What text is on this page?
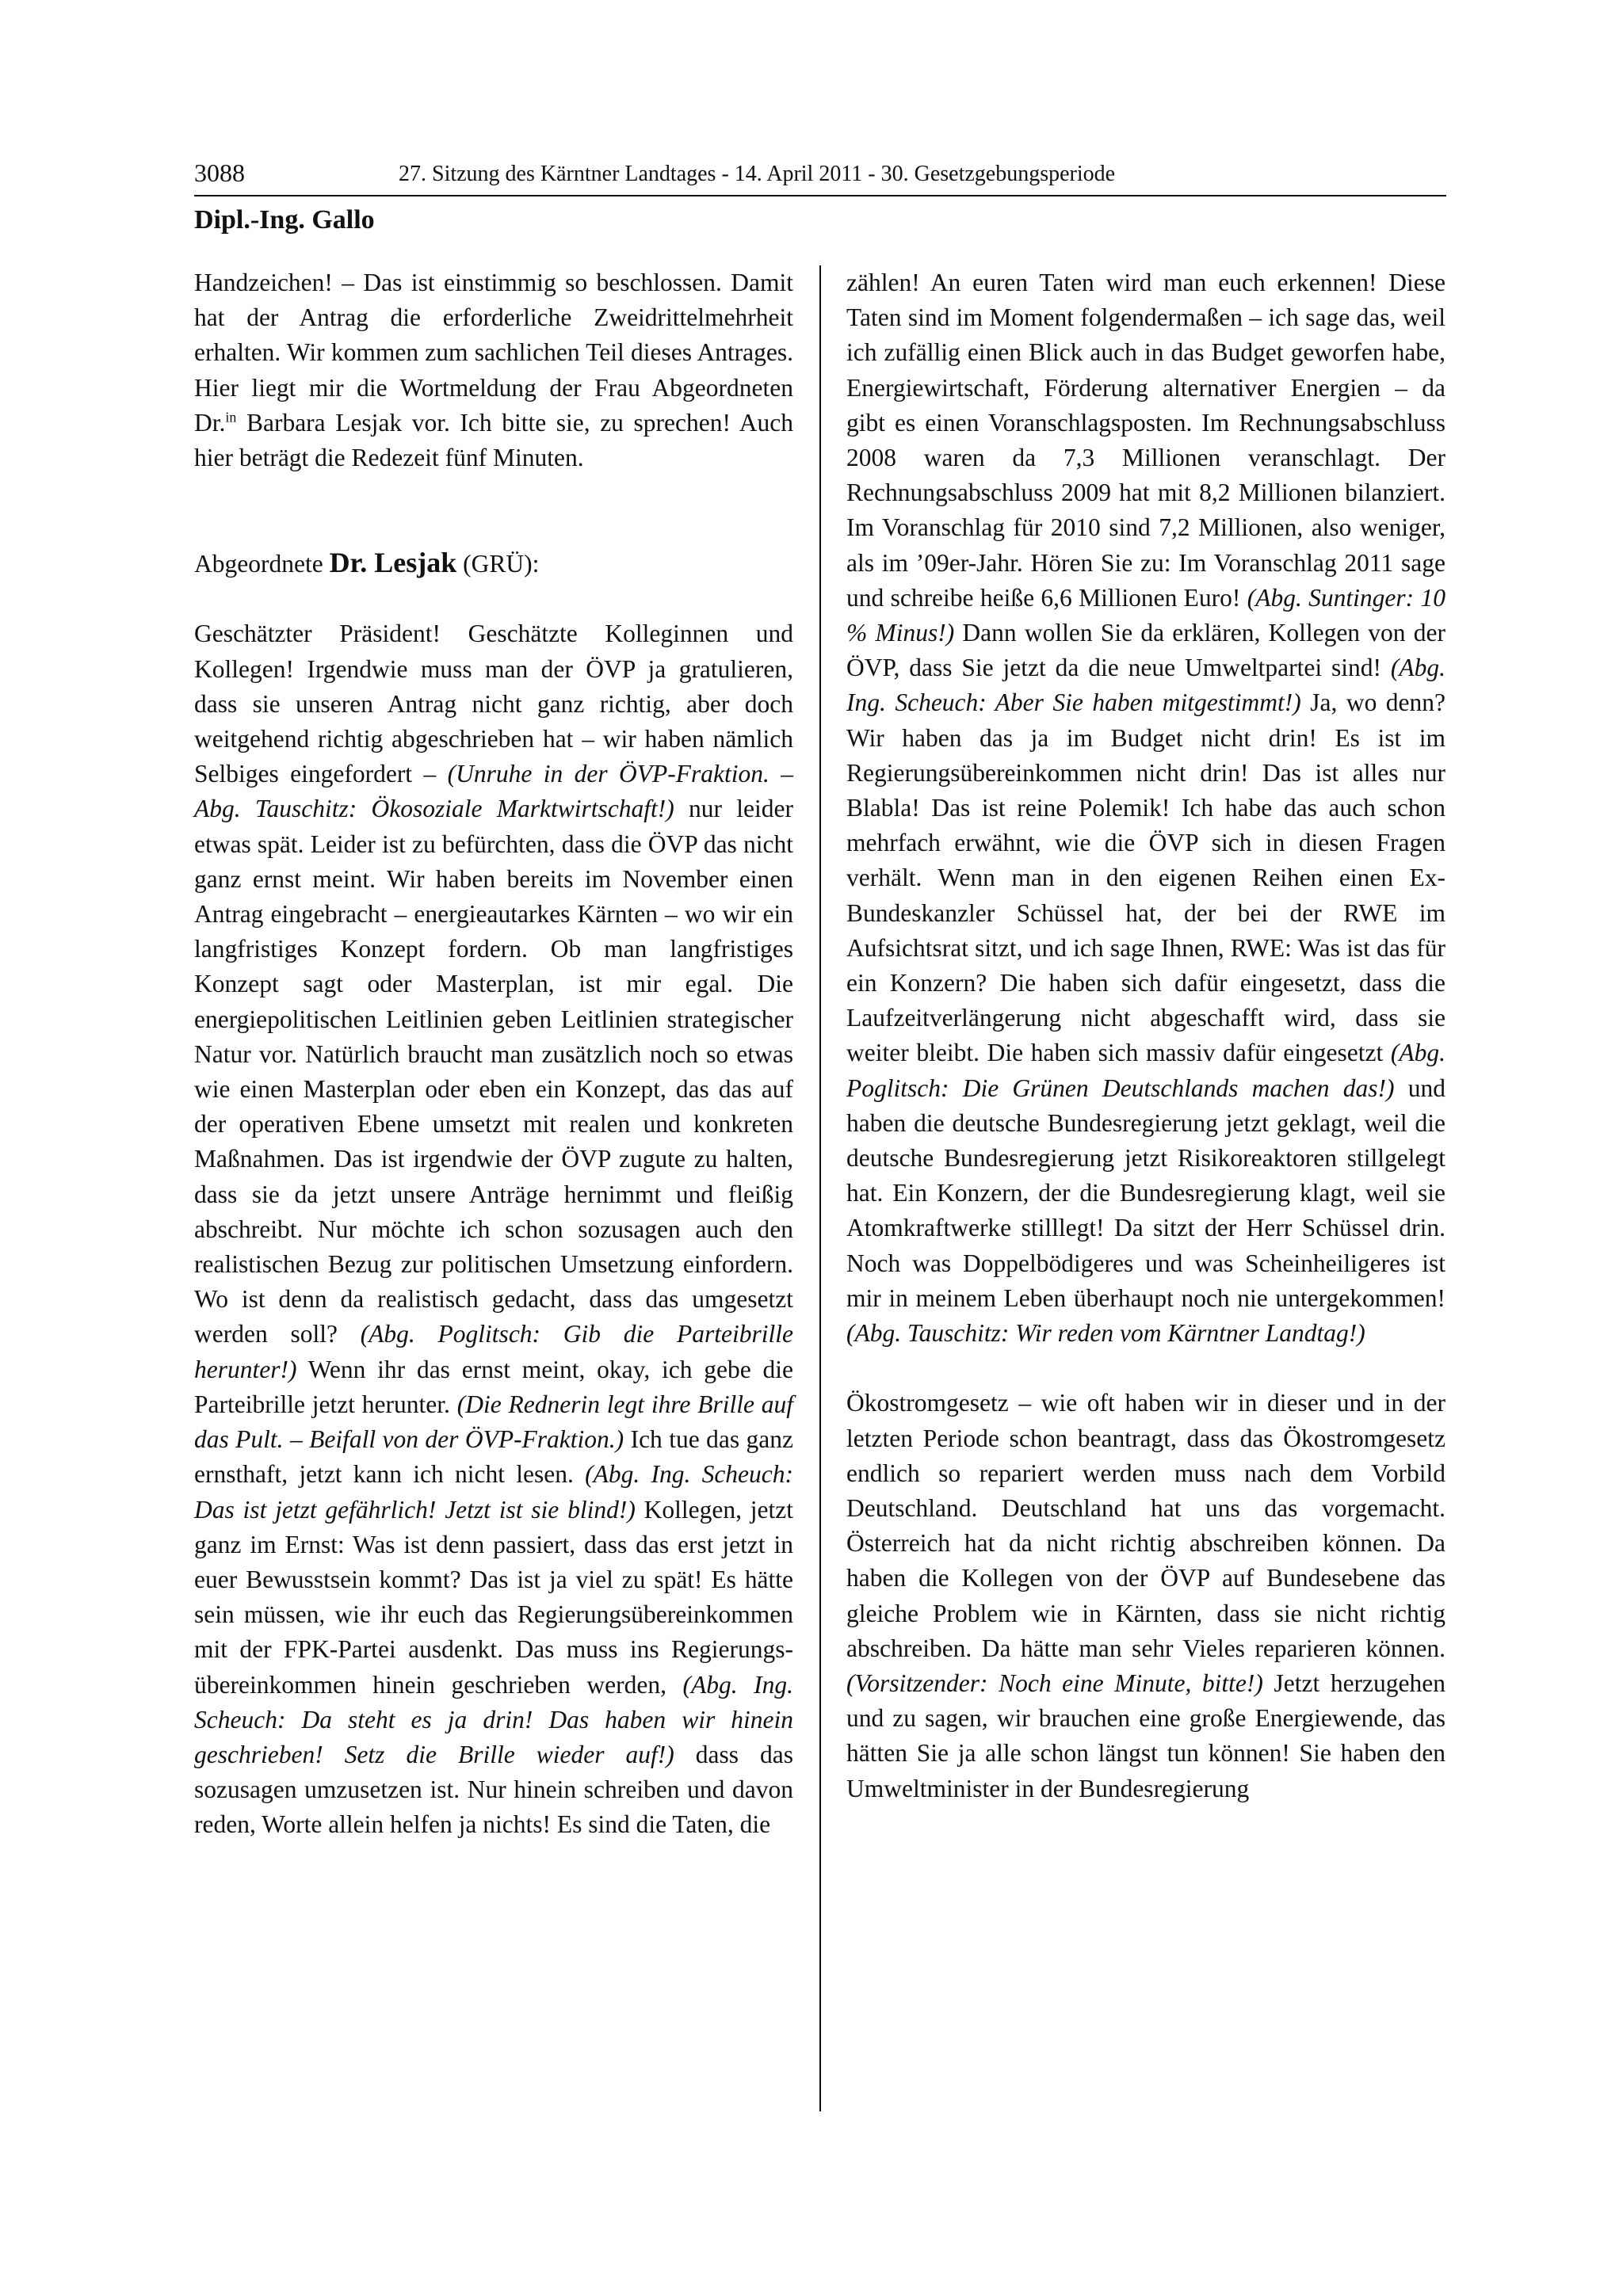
3088	27. Sitzung des Kärntner Landtages - 14. April 2011 - 30. Gesetzgebungsperiode
Dipl.-Ing. Gallo

Handzeichen! – Das ist einstimmig so beschlossen. Damit hat der Antrag die erforderliche Zweidrittelmehrheit erhalten. Wir kommen zum sachlichen Teil dieses Antrages. Hier liegt mir die Wortmeldung der Frau Abgeordneten Dr.$^{in}$ Barbara Lesjak vor. Ich bitte sie, zu sprechen! Auch hier beträgt die Redezeit fünf Minuten.

Abgeordnete Dr. Lesjak (GRÜ):

Geschätzter Präsident! Geschätzte Kolleginnen und Kollegen! Irgendwie muss man der ÖVP ja gratulieren, dass sie unseren Antrag nicht ganz richtig, aber doch weitgehend richtig abgeschrieben hat – wir haben nämlich Selbiges eingefordert – (Unruhe in der ÖVP-Fraktion. – Abg. Tauschitz: Ökosoziale Marktwirtschaft!) nur leider etwas spät. Leider ist zu befürchten, dass die ÖVP das nicht ganz ernst meint. Wir haben bereits im November einen Antrag eingebracht – energieautarkes Kärnten – wo wir ein langfristiges Konzept fordern. Ob man langfristiges Konzept sagt oder Masterplan, ist mir egal. Die energiepolitischen Leitlinien geben Leitlinien strategischer Natur vor. Natürlich braucht man zusätzlich noch so etwas wie einen Masterplan oder eben ein Konzept, das das auf der operativen Ebene umsetzt mit realen und konkreten Maßnahmen. Das ist irgendwie der ÖVP zugute zu halten, dass sie da jetzt unsere Anträge hernimmt und fleißig abschreibt. Nur möchte ich schon sozusagen auch den realistischen Bezug zur politischen Umsetzung einfordern. Wo ist denn da realistisch gedacht, dass das umgesetzt werden soll? (Abg. Poglitsch: Gib die Parteibrille herunter!) Wenn ihr das ernst meint, okay, ich gebe die Parteibrille jetzt herunter. (Die Rednerin legt ihre Brille auf das Pult. – Beifall von der ÖVP-Fraktion.) Ich tue das ganz ernsthaft, jetzt kann ich nicht lesen. (Abg. Ing. Scheuch: Das ist jetzt gefährlich! Jetzt ist sie blind!) Kollegen, jetzt ganz im Ernst: Was ist denn passiert, dass das erst jetzt in euer Bewusstsein kommt? Das ist ja viel zu spät! Es hätte sein müssen, wie ihr euch das Regierungsübereinkommen mit der FPK-Partei ausdenkt. Das muss ins Regierungsübereinkommen hinein geschrieben werden, (Abg. Ing. Scheuch: Da steht es ja drin! Das haben wir hinein geschrieben! Setz die Brille wieder auf!) dass das sozusagen umzusetzen ist. Nur hinein schreiben und davon reden, Worte allein helfen ja nichts! Es sind die Taten, die

zählen! An euren Taten wird man euch erkennen! Diese Taten sind im Moment folgendermaßen – ich sage das, weil ich zufällig einen Blick auch in das Budget geworfen habe, Energiewirtschaft, Förderung alternativer Energien – da gibt es einen Voranschlagsposten. Im Rechnungsabschluss 2008 waren da 7,3 Millionen veranschlagt. Der Rechnungsabschluss 2009 hat mit 8,2 Millionen bilanziert. Im Voranschlag für 2010 sind 7,2 Millionen, also weniger, als im ’09er-Jahr. Hören Sie zu: Im Voranschlag 2011 sage und schreibe heiße 6,6 Millionen Euro! (Abg. Suntinger: 10 % Minus!) Dann wollen Sie da erklären, Kollegen von der ÖVP, dass Sie jetzt da die neue Umweltpartei sind! (Abg. Ing. Scheuch: Aber Sie haben mitgestimmt!) Ja, wo denn? Wir haben das ja im Budget nicht drin! Es ist im Regierungsübereinkommen nicht drin! Das ist alles nur Blabla! Das ist reine Polemik! Ich habe das auch schon mehrfach erwähnt, wie die ÖVP sich in diesen Fragen verhält. Wenn man in den eigenen Reihen einen Ex-Bundeskanzler Schüssel hat, der bei der RWE im Aufsichtsrat sitzt, und ich sage Ihnen, RWE: Was ist das für ein Konzern? Die haben sich dafür eingesetzt, dass die Laufzeitverlängerung nicht abgeschafft wird, dass sie weiter bleibt. Die haben sich massiv dafür eingesetzt (Abg. Poglitsch: Die Grünen Deutschlands machen das!) und haben die deutsche Bundesregierung jetzt geklagt, weil die deutsche Bundesregierung jetzt Risikoreaktoren stillgelegt hat. Ein Konzern, der die Bundesregierung klagt, weil sie Atomkraftwerke stilllegt! Da sitzt der Herr Schüssel drin. Noch was Doppelbödigeres und was Scheinheiligeres ist mir in meinem Leben überhaupt noch nie untergekommen! (Abg. Tauschitz: Wir reden vom Kärntner Landtag!)

Ökostromgesetz – wie oft haben wir in dieser und in der letzten Periode schon beantragt, dass das Ökostromgesetz endlich so repariert werden muss nach dem Vorbild Deutschland. Deutschland hat uns das vorgemacht. Österreich hat da nicht richtig abschreiben können. Da haben die Kollegen von der ÖVP auf Bundesebene das gleiche Problem wie in Kärnten, dass sie nicht richtig abschreiben. Da hätte man sehr Vieles reparieren können. (Vorsitzender: Noch eine Minute, bitte!) Jetzt herzugehen und zu sagen, wir brauchen eine große Energiewende, das hätten Sie ja alle schon längst tun können! Sie haben den Umweltminister in der Bundesregierung
